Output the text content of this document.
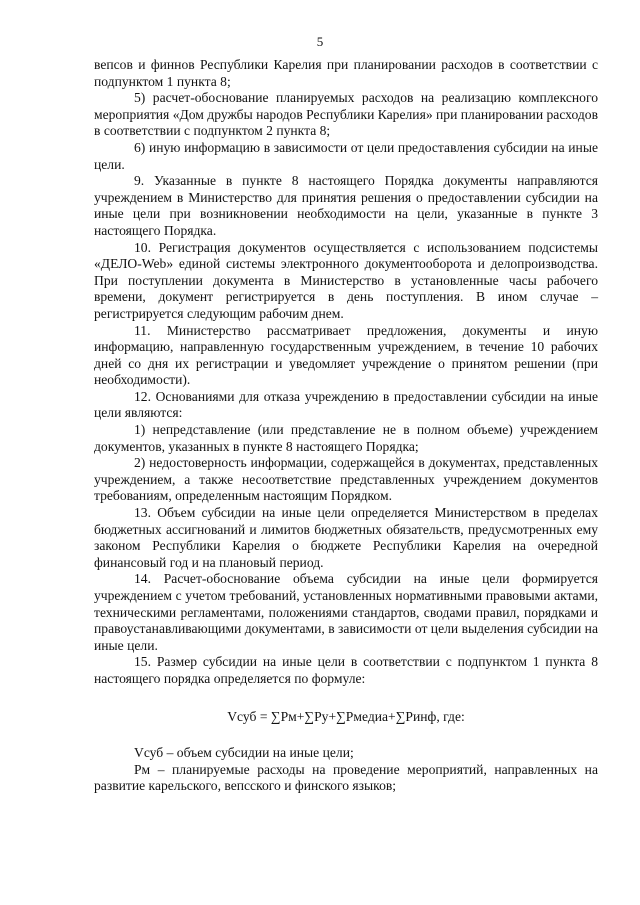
5

вепсов и финнов Республики Карелия при планировании расходов в соответствии с подпунктом 1 пункта 8;

5) расчет-обоснование планируемых расходов на реализацию комплексного мероприятия «Дом дружбы народов Республики Карелия» при планировании расходов в соответствии с подпунктом 2 пункта 8;

6) иную информацию в зависимости от цели предоставления субсидии на иные цели.

9. Указанные в пункте 8 настоящего Порядка документы направляются учреждением в Министерство для принятия решения о предоставлении субсидии на иные цели при возникновении необходимости на цели, указанные в пункте 3 настоящего Порядка.

10. Регистрация документов осуществляется с использованием подсистемы «ДЕЛО-Web» единой системы электронного документооборота и делопроизводства. При поступлении документа в Министерство в установленные часы рабочего времени, документ регистрируется в день поступления. В ином случае – регистрируется следующим рабочим днем.

11. Министерство рассматривает предложения, документы и иную информацию, направленную государственным учреждением, в течение 10 рабочих дней со дня их регистрации и уведомляет учреждение о принятом решении (при необходимости).

12. Основаниями для отказа учреждению в предоставлении субсидии на иные цели являются:

1) непредставление (или представление не в полном объеме) учреждением документов, указанных в пункте 8 настоящего Порядка;

2) недостоверность информации, содержащейся в документах, представленных учреждением, а также несоответствие представленных учреждением документов требованиям, определенным настоящим Порядком.

13. Объем субсидии на иные цели определяется Министерством в пределах бюджетных ассигнований и лимитов бюджетных обязательств, предусмотренных ему законом Республики Карелия о бюджете Республики Карелия на очередной финансовый год и на плановый период.

14. Расчет-обоснование объема субсидии на иные цели формируется учреждением с учетом требований, установленных нормативными правовыми актами, техническими регламентами, положениями стандартов, сводами правил, порядками и правоустанавливающими документами, в зависимости от цели выделения субсидии на иные цели.

15. Размер субсидии на иные цели в соответствии с подпунктом 1 пункта 8 настоящего порядка определяется по формуле:

Vсуб = ∑Рм+∑Ру+∑Рмедиа+∑Ринф, где:

Vсуб – объем субсидии на иные цели;

Рм – планируемые расходы на проведение мероприятий, направленных на развитие карельского, вепсского и финского языков;
